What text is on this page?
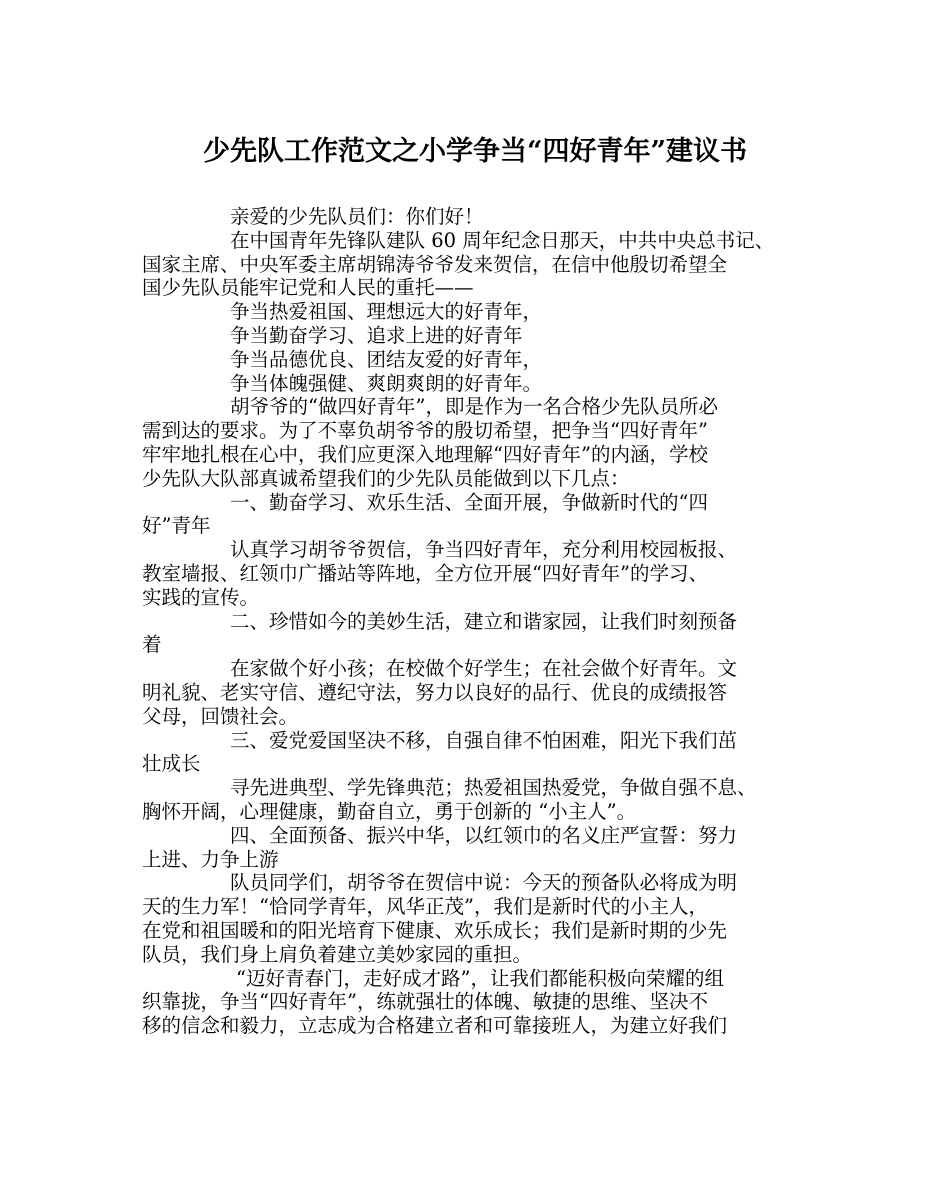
少先队工作范文之小学争当“四好青年”建议书
亲爱的少先队员们：你们好！
在中国青年先锋队建队 60 周年纪念日那天，中共中央总书记、
国家主席、中央军委主席胡锦涛爷爷发来贺信，在信中他殷切希望全
国少先队员能牢记党和人民的重托——
争当热爱祖国、理想远大的好青年，
争当勤奋学习、追求上进的好青年
争当品德优良、团结友爱的好青年，
争当体魄强健、爽朗爽朗的好青年。
胡爷爷的“做四好青年”，即是作为一名合格少先队员所必
需到达的要求。为了不辜负胡爷爷的殷切希望，把争当“四好青年”
牢牢地扎根在心中，我们应更深入地理解“四好青年”的内涵，学校
少先队大队部真诚希望我们的少先队员能做到以下几点：
一、勤奋学习、欢乐生活、全面开展，争做新时代的“四
好”青年
认真学习胡爷爷贺信，争当四好青年，充分利用校园板报、
教室墙报、红领巾广播站等阵地，全方位开展“四好青年”的学习、
实践的宣传。
二、珍惜如今的美妙生活，建立和谐家园，让我们时刻预备
着
在家做个好小孩；在校做个好学生；在社会做个好青年。文
明礼貌、老实守信、遵纪守法，努力以良好的品行、优良的成绩报答
父母，回馈社会。
三、爱党爱国坚决不移，自强自律不怕困难，阳光下我们茁
壮成长
寻先进典型、学先锋典范；热爱祖国热爱党，争做自强不息、
胸怀开阔，心理健康，勤奋自立，勇于创新的 “小主人”。
四、全面预备、振兴中华，以红领巾的名义庄严宣誓：努力
上进、力争上游
队员同学们，胡爷爷在贺信中说：今天的预备队必将成为明
天的生力军！“恰同学青年，风华正茂”，我们是新时代的小主人，
在党和祖国暖和的阳光培育下健康、欢乐成长；我们是新时期的少先
队员，我们身上肩负着建立美妙家园的重担。
“迈好青春门，走好成才路”，让我们都能积极向荣耀的组
织靠拢，争当“四好青年”，练就强壮的体魄、敏捷的思维、坚决不
移的信念和毅力，立志成为合格建立者和可靠接班人，为建立好我们
